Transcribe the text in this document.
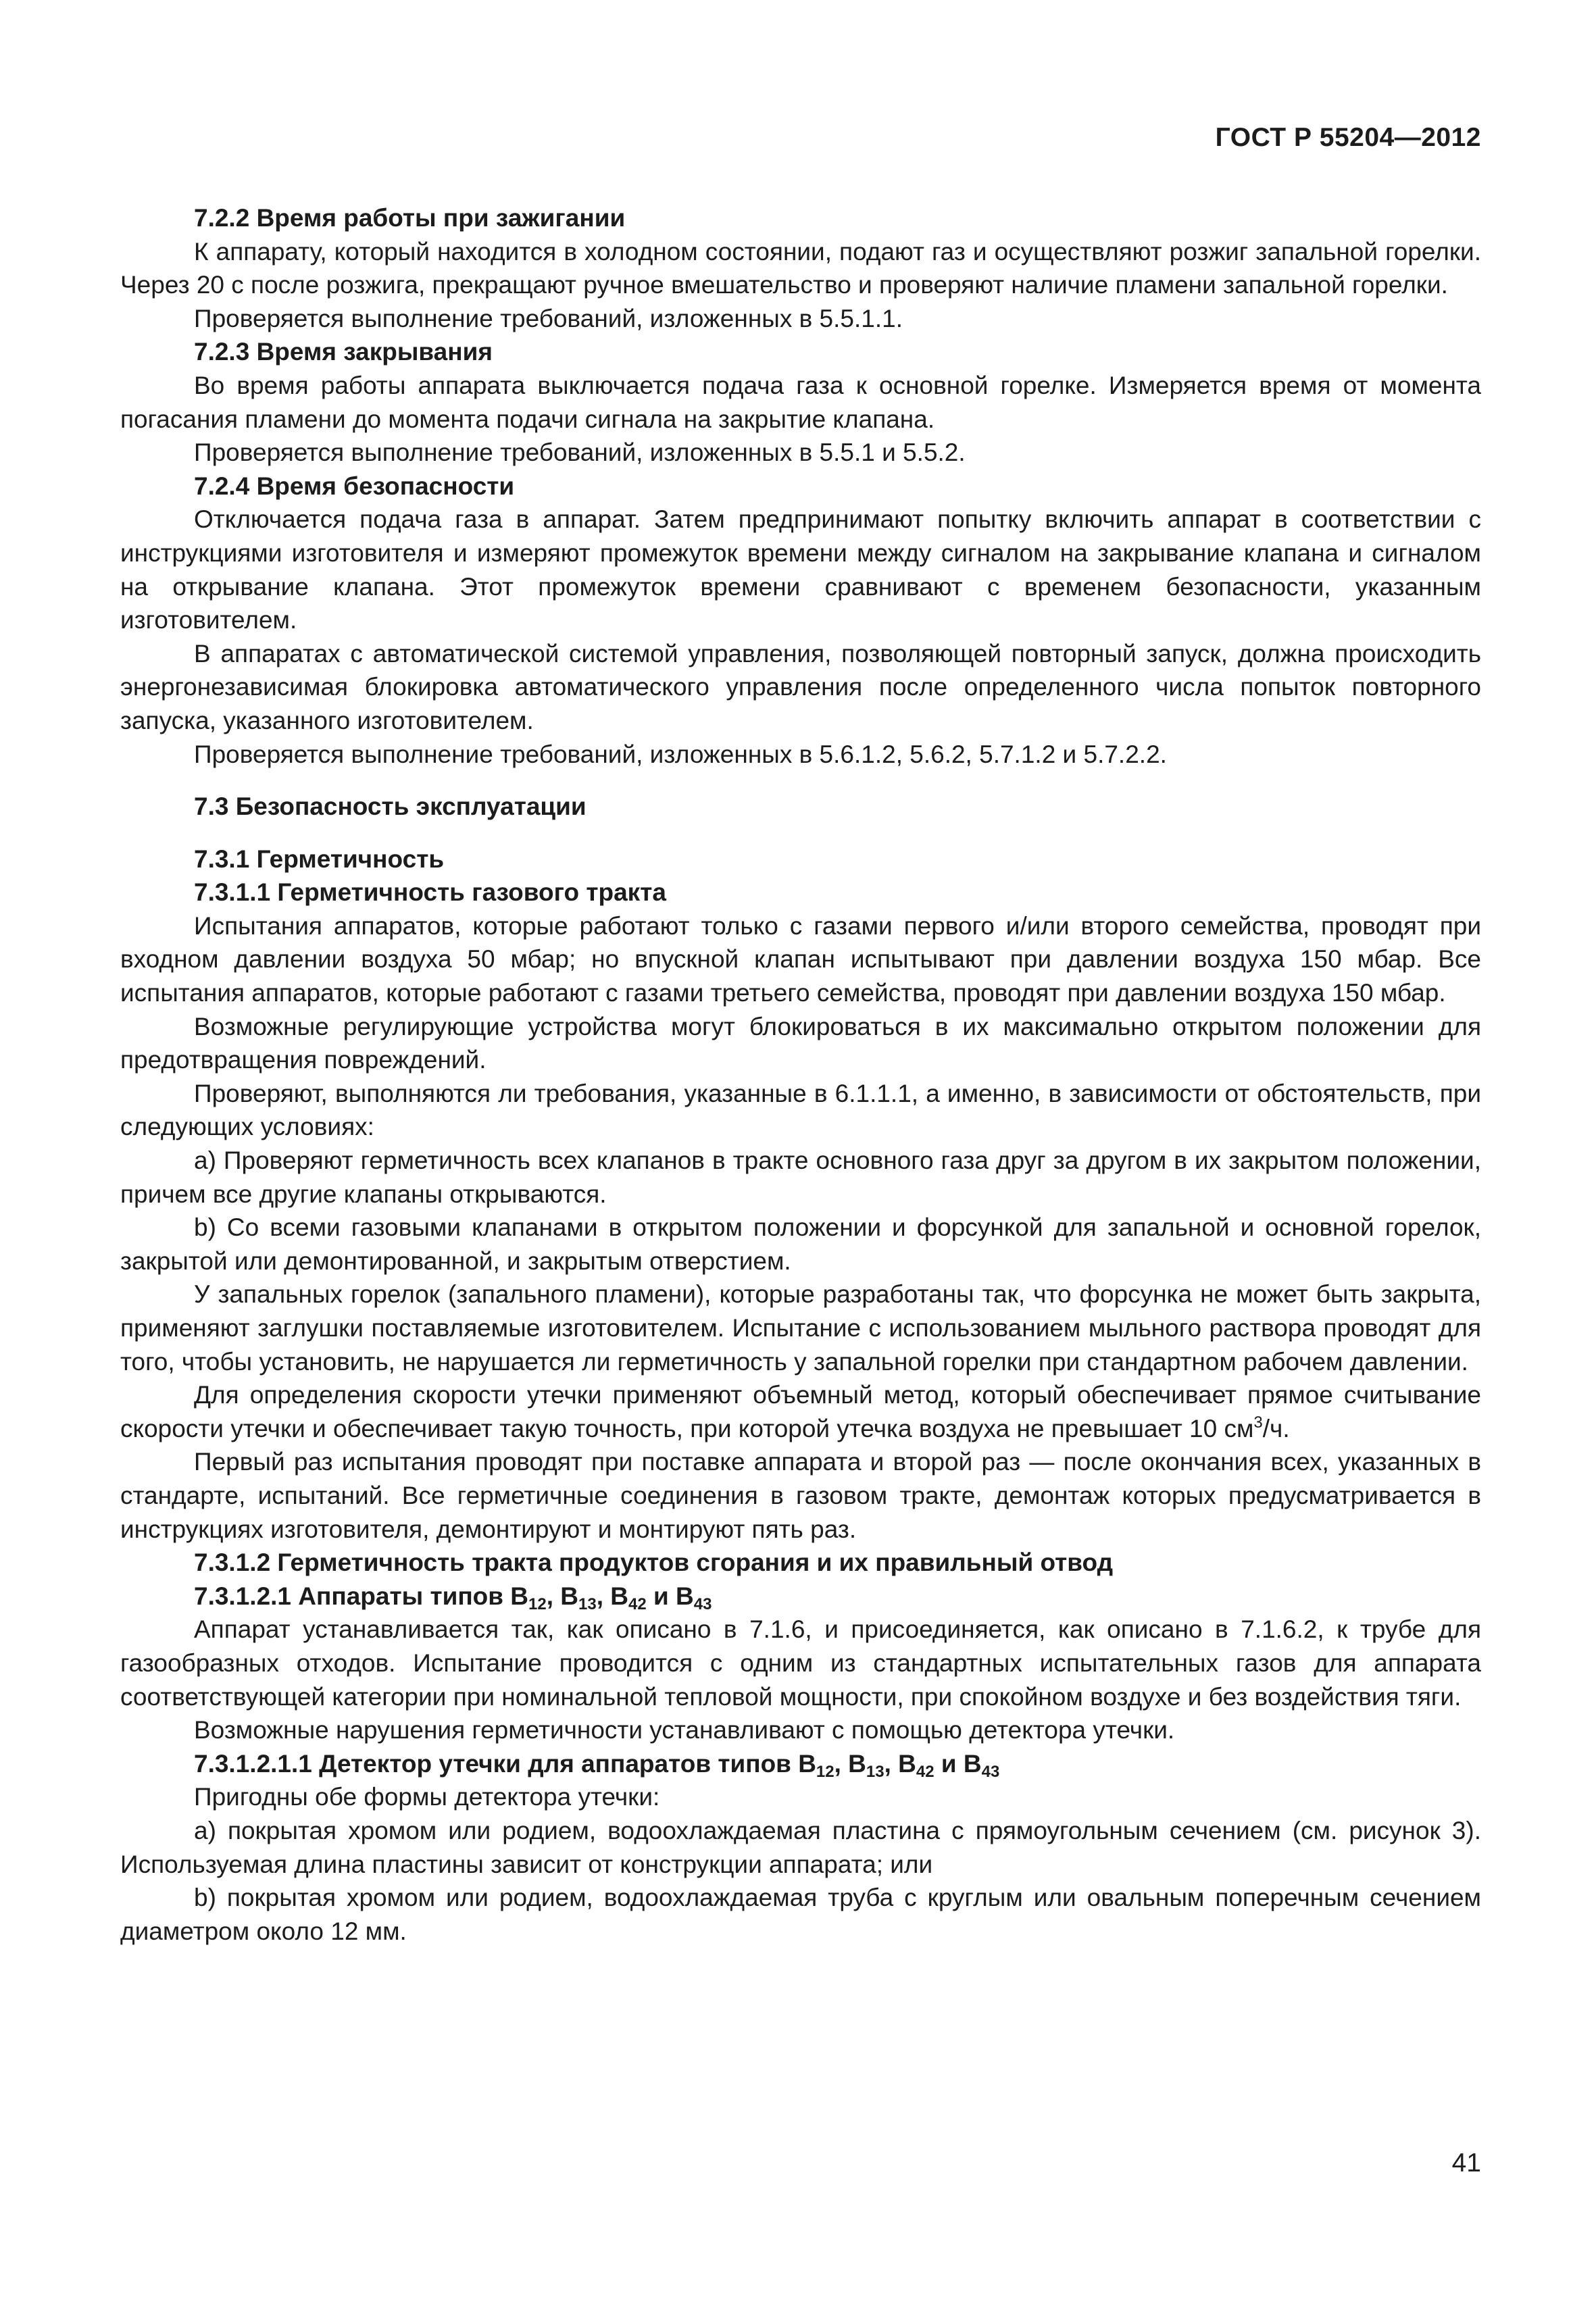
ГОСТ Р 55204—2012

7.2.2 Время работы при зажигании

К аппарату, который находится в холодном состоянии, подают газ и осуществляют розжиг запальной горелки. Через 20 с после розжига, прекращают ручное вмешательство и проверяют наличие пламени запальной горелки.

Проверяется выполнение требований, изложенных в 5.5.1.1.

7.2.3 Время закрывания

Во время работы аппарата выключается подача газа к основной горелке. Измеряется время от момента погасания пламени до момента подачи сигнала на закрытие клапана.

Проверяется выполнение требований, изложенных в 5.5.1 и 5.5.2.

7.2.4 Время безопасности

Отключается подача газа в аппарат. Затем предпринимают попытку включить аппарат в соответствии с инструкциями изготовителя и измеряют промежуток времени между сигналом на закрывание клапана и сигналом на открывание клапана. Этот промежуток времени сравнивают с временем безопасности, указанным изготовителем.

В аппаратах с автоматической системой управления, позволяющей повторный запуск, должна происходить энергонезависимая блокировка автоматического управления после определенного числа попыток повторного запуска, указанного изготовителем.

Проверяется выполнение требований, изложенных в 5.6.1.2, 5.6.2, 5.7.1.2 и 5.7.2.2.

7.3 Безопасность эксплуатации

7.3.1 Герметичность

7.3.1.1 Герметичность газового тракта

Испытания аппаратов, которые работают только с газами первого и/или второго семейства, проводят при входном давлении воздуха 50 мбар; но впускной клапан испытывают при давлении воздуха 150 мбар. Все испытания аппаратов, которые работают с газами третьего семейства, проводят при давлении воздуха 150 мбар.

Возможные регулирующие устройства могут блокироваться в их максимально открытом положении для предотвращения повреждений.

Проверяют, выполняются ли требования, указанные в 6.1.1.1, а именно, в зависимости от обстоятельств, при следующих условиях:

а) Проверяют герметичность всех клапанов в тракте основного газа друг за другом в их закрытом положении, причем все другие клапаны открываются.

b) Со всеми газовыми клапанами в открытом положении и форсункой для запальной и основной горелок, закрытой или демонтированной, и закрытым отверстием.

У запальных горелок (запального пламени), которые разработаны так, что форсунка не может быть закрыта, применяют заглушки поставляемые изготовителем. Испытание с использованием мыльного раствора проводят для того, чтобы установить, не нарушается ли герметичность у запальной горелки при стандартном рабочем давлении.

Для определения скорости утечки применяют объемный метод, который обеспечивает прямое считывание скорости утечки и обеспечивает такую точность, при которой утечка воздуха не превышает 10 $см^3/ч$.

Первый раз испытания проводят при поставке аппарата и второй раз — после окончания всех, указанных в стандарте, испытаний. Все герметичные соединения в газовом тракте, демонтаж которых предусматривается в инструкциях изготовителя, демонтируют и монтируют пять раз.

7.3.1.2 Герметичность тракта продуктов сгорания и их правильный отвод

7.3.1.2.1 Аппараты типов $B_{12}$, $B_{13}$, $B_{42}$ и $B_{43}$

Аппарат устанавливается так, как описано в 7.1.6, и присоединяется, как описано в 7.1.6.2, к трубе для газообразных отходов. Испытание проводится с одним из стандартных испытательных газов для аппарата соответствующей категории при номинальной тепловой мощности, при спокойном воздухе и без воздействия тяги.

Возможные нарушения герметичности устанавливают с помощью детектора утечки.

7.3.1.2.1.1 Детектор утечки для аппаратов типов $B_{12}$, $B_{13}$, $B_{42}$ и $B_{43}$

Пригодны обе формы детектора утечки:

а) покрытая хромом или родием, водоохлаждаемая пластина с прямоугольным сечением (см. рисунок 3). Используемая длина пластины зависит от конструкции аппарата; или

b) покрытая хромом или родием, водоохлаждаемая труба с круглым или овальным поперечным сечением диаметром около 12 мм.

41
